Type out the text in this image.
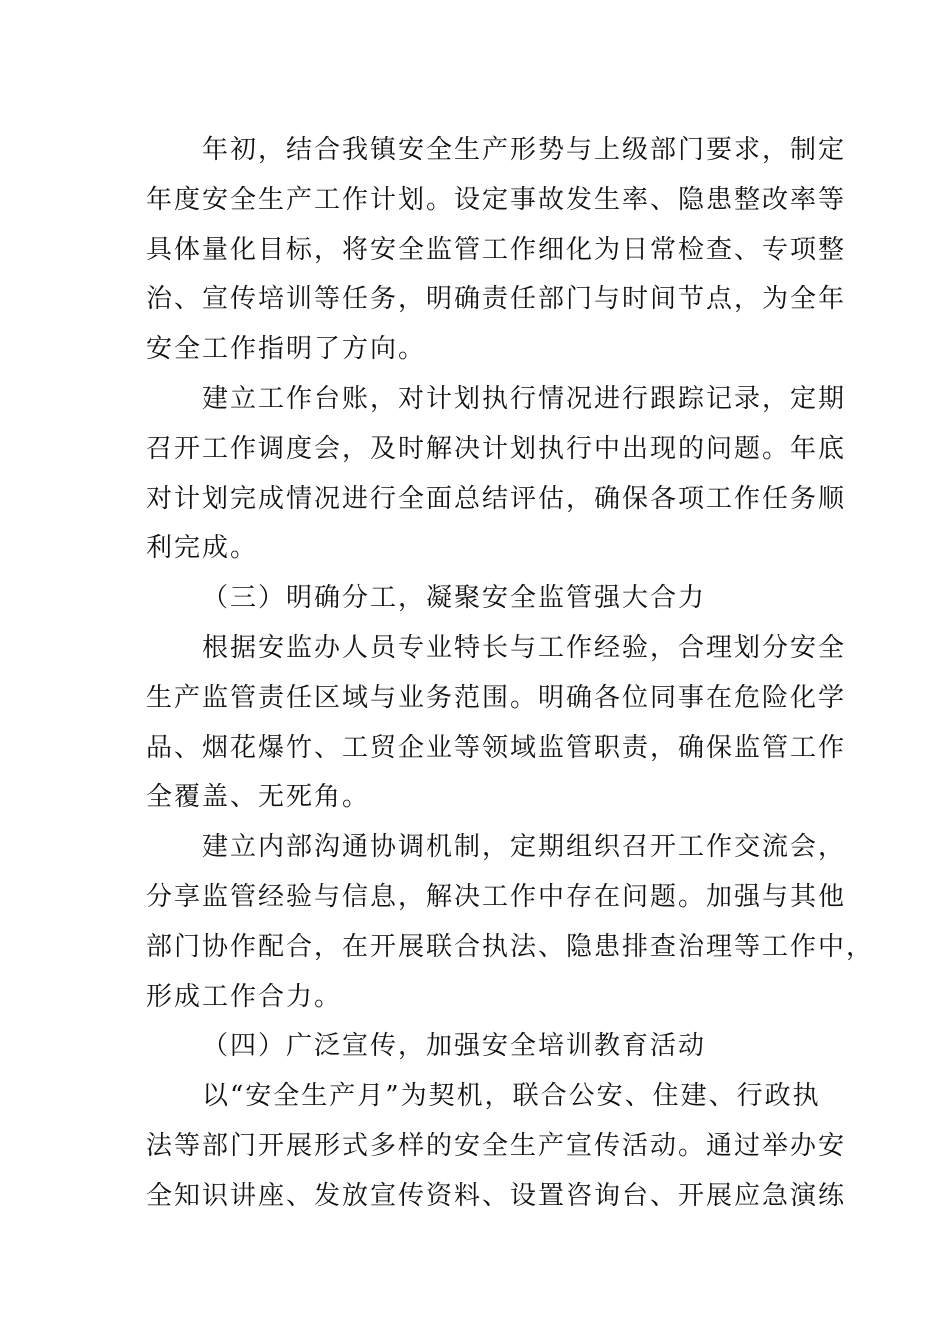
年初，结合我镇安全生产形势与上级部门要求，制定
年度安全生产工作计划。设定事故发生率、隐患整改率等
具体量化目标，将安全监管工作细化为日常检查、专项整
治、宣传培训等任务，明确责任部门与时间节点，为全年
安全工作指明了方向。

建立工作台账，对计划执行情况进行跟踪记录，定期
召开工作调度会，及时解决计划执行中出现的问题。年底
对计划完成情况进行全面总结评估，确保各项工作任务顺
利完成。

（三）明确分工，凝聚安全监管强大合力

根据安监办人员专业特长与工作经验，合理划分安全
生产监管责任区域与业务范围。明确各位同事在危险化学
品、烟花爆竹、工贸企业等领域监管职责，确保监管工作
全覆盖、无死角。

建立内部沟通协调机制，定期组织召开工作交流会，
分享监管经验与信息，解决工作中存在问题。加强与其他
部门协作配合，在开展联合执法、隐患排查治理等工作中，
形成工作合力。

（四）广泛宣传，加强安全培训教育活动

以“安全生产月”为契机，联合公安、住建、行政执
法等部门开展形式多样的安全生产宣传活动。通过举办安
全知识讲座、发放宣传资料、设置咨询台、开展应急演练
